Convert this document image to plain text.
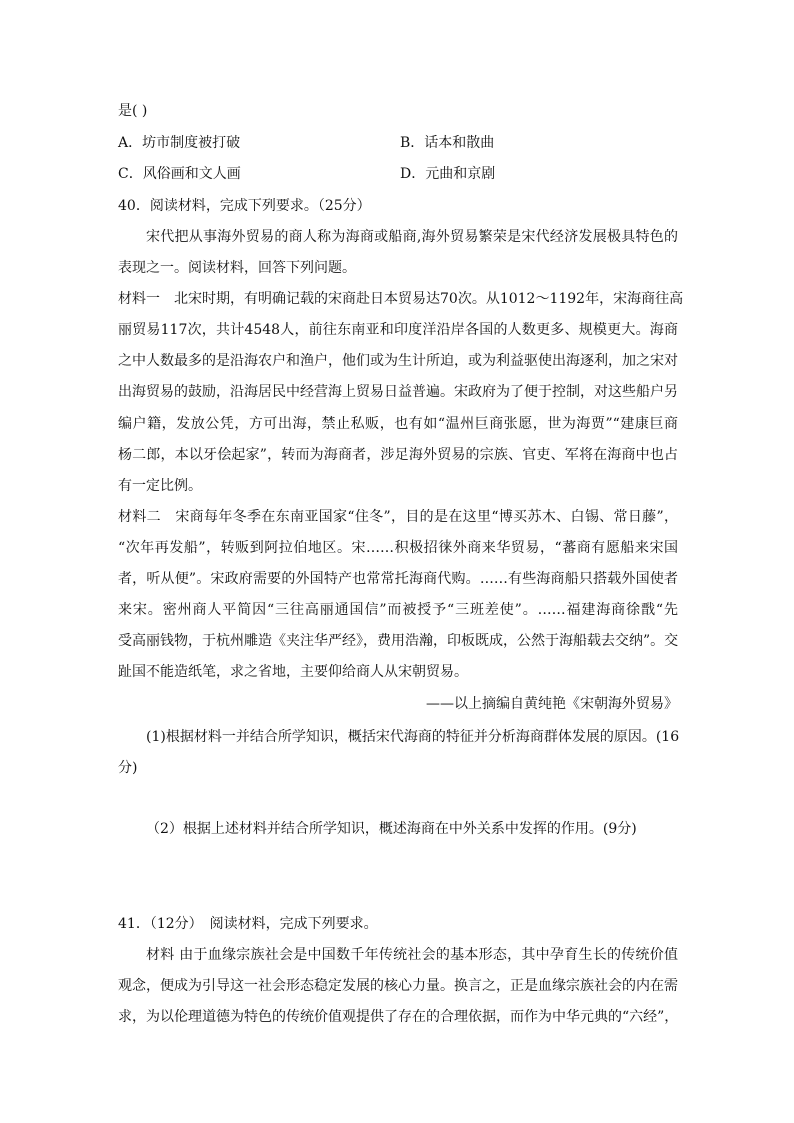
是( )
A．坊市制度被打破	B．话本和散曲
C．风俗画和文人画	D．元曲和京剧
40．阅读材料，完成下列要求。（25分）
宋代把从事海外贸易的商人称为海商或船商,海外贸易繁荣是宋代经济发展极具特色的
表现之一。阅读材料，回答下列问题。
材料一　北宋时期，有明确记载的宋商赴日本贸易达70次。从1012～1192年，宋海商往高
丽贸易117次，共计4548人，前往东南亚和印度洋沿岸各国的人数更多、规模更大。海商
之中人数最多的是沿海农户和渔户，他们或为生计所迫，或为利益驱使出海逐利，加之宋对
出海贸易的鼓励，沿海居民中经营海上贸易日益普遍。宋政府为了便于控制，对这些船户另
编户籍，发放公凭，方可出海，禁止私贩，也有如“温州巨商张愿，世为海贾”“建康巨商
杨二郎，本以牙侩起家”，转而为海商者，涉足海外贸易的宗族、官吏、军将在海商中也占
有一定比例。
材料二　宋商每年冬季在东南亚国家“住冬”，目的是在这里“博买苏木、白锡、常日藤”，
“次年再发船”，转贩到阿拉伯地区。宋……积极招徕外商来华贸易，“蕃商有愿船来宋国
者，听从便”。宋政府需要的外国特产也常常托海商代购。……有些海商船只搭载外国使者
来宋。密州商人平简因“三往高丽通国信”而被授予“三班差使”。……福建海商徐戬“先
受高丽钱物，于杭州雕造《夹注华严经》，费用浩瀚，印板既成，公然于海船载去交纳”。交
趾国不能造纸笔，求之省地，主要仰给商人从宋朝贸易。
——以上摘编自黄纯艳《宋朝海外贸易》
(1)根据材料一并结合所学知识，概括宋代海商的特征并分析海商群体发展的原因。(16
分)
（2）根据上述材料并结合所学知识，概述海商在中外关系中发挥的作用。(9分)
41．（12分）　阅读材料，完成下列要求。
材料 由于血缘宗族社会是中国数千年传统社会的基本形态，其中孕育生长的传统价值
观念，便成为引导这一社会形态稳定发展的核心力量。换言之，正是血缘宗族社会的内在需
求，为以伦理道德为特色的传统价值观提供了存在的合理依据，而作为中华元典的“六经”，
